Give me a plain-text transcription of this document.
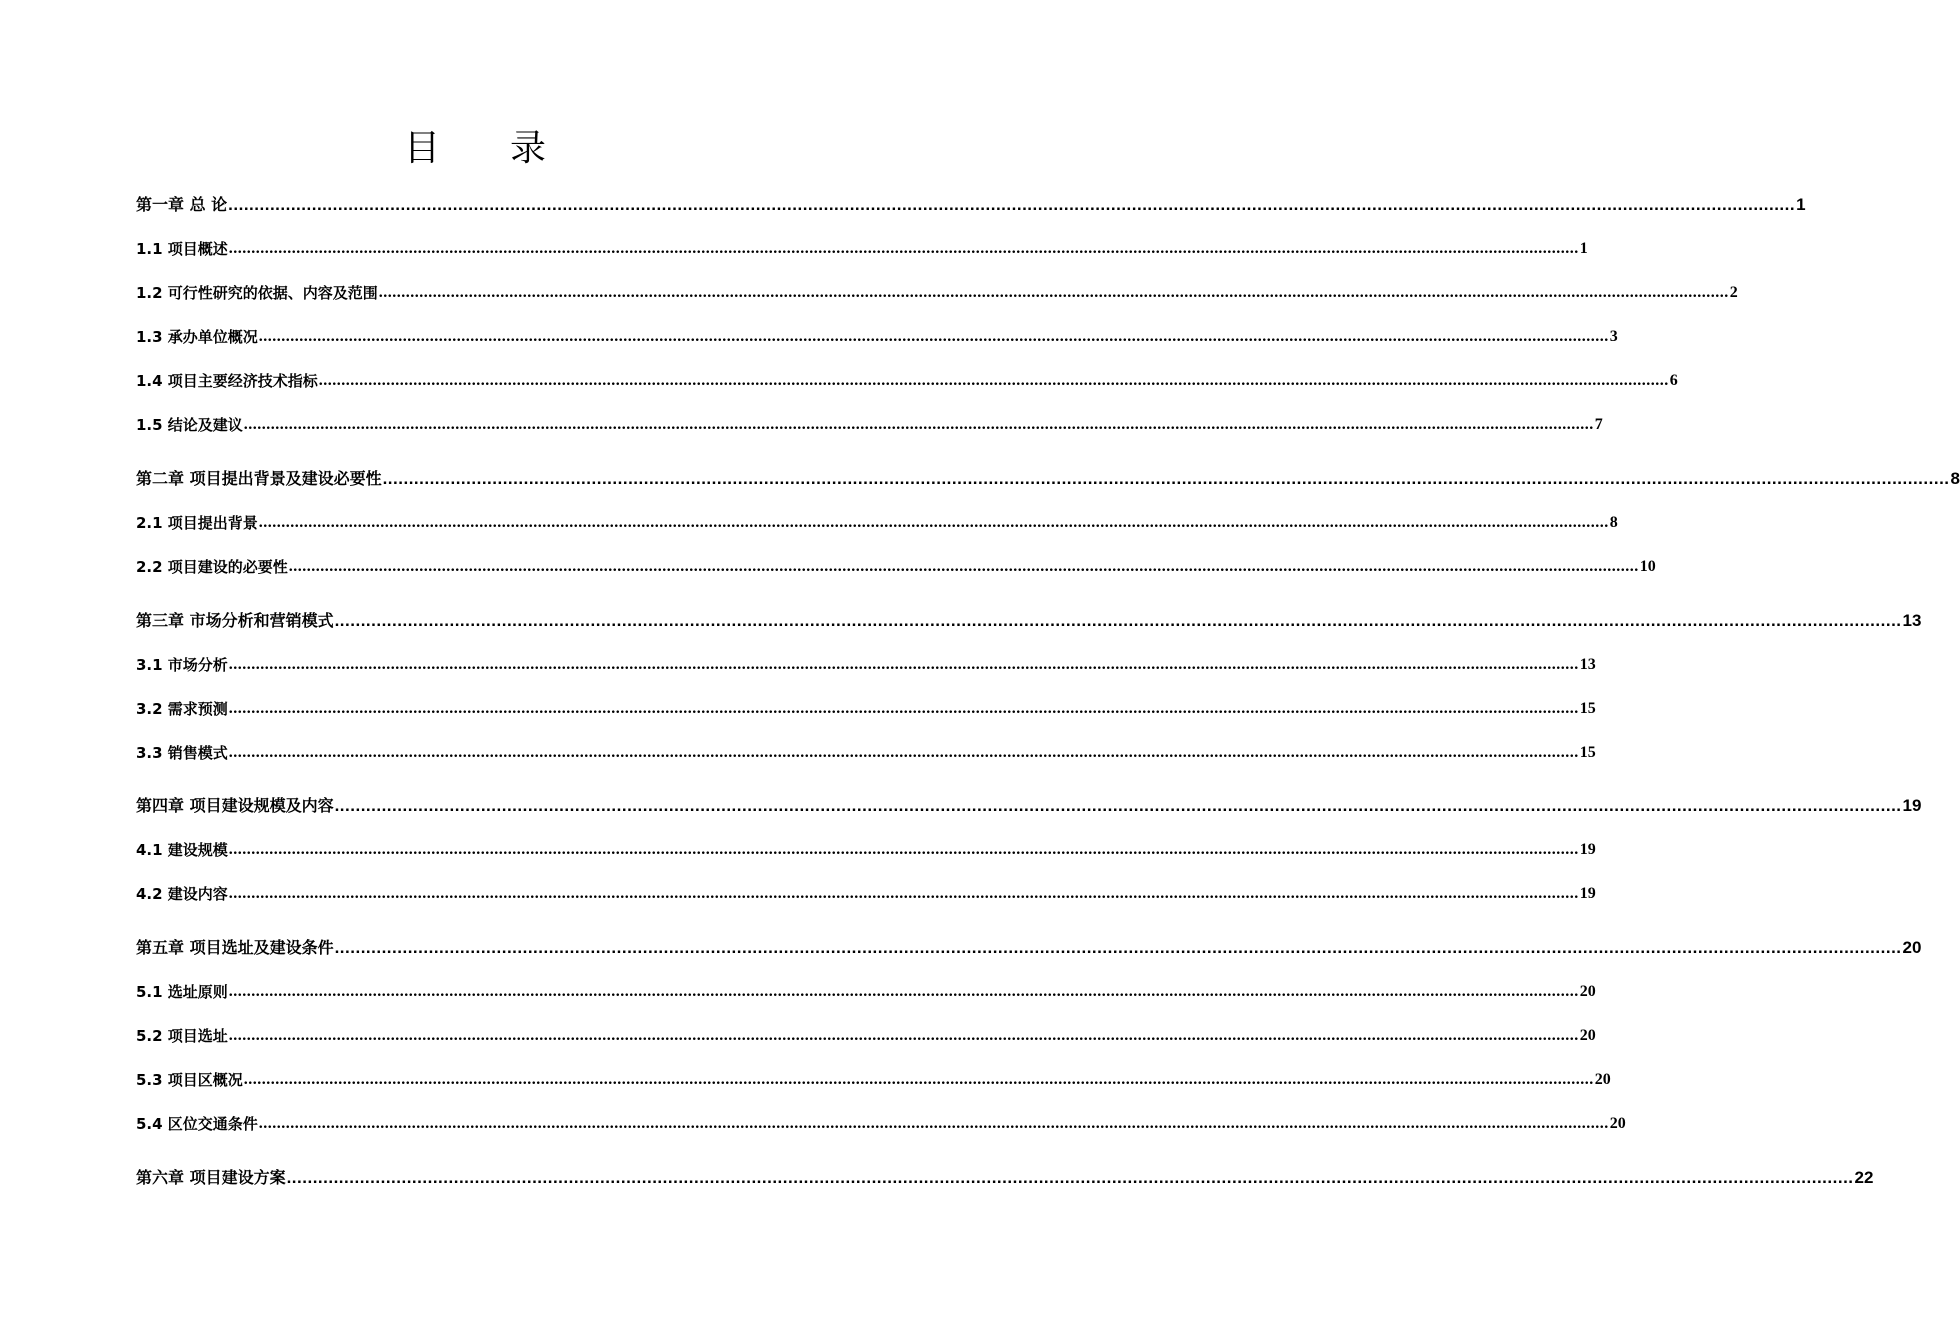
目 录
第一章 总 论 ............................................................................................................................................................................................................................................................................................................ 1
1.1 项目概述 ............................................................................................................................................................................................................................................................................................................ 1
1.2 可行性研究的依据、内容及范围 ............................................................................................................................................................................................................................................................................................................ 2
1.3 承办单位概况 ............................................................................................................................................................................................................................................................................................................ 3
1.4 项目主要经济技术指标 ............................................................................................................................................................................................................................................................................................................ 6
1.5 结论及建议 ............................................................................................................................................................................................................................................................................................................ 7
第二章 项目提出背景及建设必要性 ............................................................................................................................................................................................................................................................................................................ 8
2.1 项目提出背景 ............................................................................................................................................................................................................................................................................................................ 8
2.2 项目建设的必要性 ............................................................................................................................................................................................................................................................................................................ 10
第三章 市场分析和营销模式 ............................................................................................................................................................................................................................................................................................................ 13
3.1 市场分析 ............................................................................................................................................................................................................................................................................................................ 13
3.2 需求预测 ............................................................................................................................................................................................................................................................................................................ 15
3.3 销售模式 ............................................................................................................................................................................................................................................................................................................ 15
第四章 项目建设规模及内容 ............................................................................................................................................................................................................................................................................................................ 19
4.1 建设规模 ............................................................................................................................................................................................................................................................................................................ 19
4.2 建设内容 ............................................................................................................................................................................................................................................................................................................ 19
第五章 项目选址及建设条件 ............................................................................................................................................................................................................................................................................................................ 20
5.1 选址原则 ............................................................................................................................................................................................................................................................................................................ 20
5.2 项目选址 ............................................................................................................................................................................................................................................................................................................ 20
5.3 项目区概况 ............................................................................................................................................................................................................................................................................................................ 20
5.4 区位交通条件 ............................................................................................................................................................................................................................................................................................................ 20
第六章 项目建设方案 ............................................................................................................................................................................................................................................................................................................ 22
